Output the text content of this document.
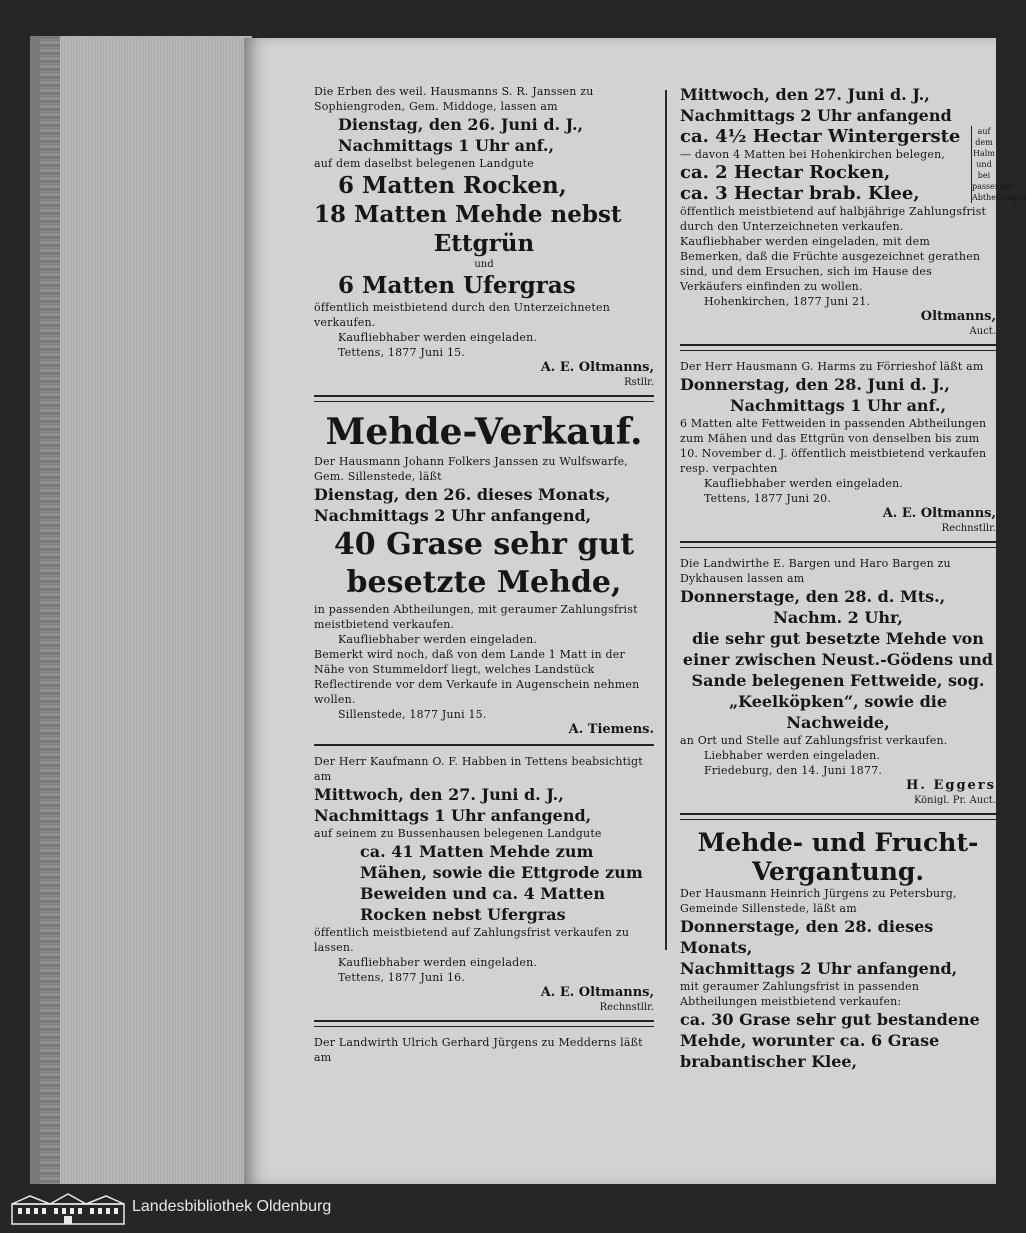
Die Erben des weil. Hausmanns S. R. Janssen zu Sophiengroden, Gem. Middoge, lassen am
Dienstag, den 26. Juni d. J.,
Nachmittags 1 Uhr anf.,
auf dem daselbst belegenen Landgute
6 Matten Rocken,
18 Matten Mehde nebst
Ettgrün
und
6 Matten Ufergras
öffentlich meistbietend durch den Unterzeichneten verkaufen.
Kaufliebhaber werden eingeladen.
Tettens, 1877 Juni 15.
A. E. Oltmanns,
Rstllr.
Mehde-Verkauf.
Der Hausmann Johann Folkers Janssen zu Wulfswarfe, Gem. Sillenstede, läßt
Dienstag, den 26. dieses Monats,
Nachmittags 2 Uhr anfangend,
40 Grase sehr gut
besetzte Mehde,
in passenden Abtheilungen, mit geraumer Zahlungsfrist meistbietend verkaufen.
Kaufliebhaber werden eingeladen.
Bemerkt wird noch, daß von dem Lande 1 Matt in der Nähe von Stummeldorf liegt, welches Landstück Reflectirende vor dem Verkaufe in Augenschein nehmen wollen.
Sillenstede, 1877 Juni 15.
A. Tiemens.
Der Herr Kaufmann O. F. Habben in Tettens beabsichtigt am
Mittwoch, den 27. Juni d. J.,
Nachmittags 1 Uhr anfangend,
auf seinem zu Bussenhausen belegenen Landgute
ca. 41 Matten Mehde zum Mähen, sowie die Ettgrode zum Beweiden und ca. 4 Matten Rocken nebst Ufergras
öffentlich meistbietend auf Zahlungsfrist verkaufen zu lassen.
Kaufliebhaber werden eingeladen.
Tettens, 1877 Juni 16.
A. E. Oltmanns,
Rechnstllr.
Der Landwirth Ulrich Gerhard Jürgens zu Medderns läßt am
Mittwoch, den 27. Juni d. J.,
Nachmittags 2 Uhr anfangend
auf dem Halm und bei passender Abtheilungen
ca. 4½ Hectar Wintergerste
— davon 4 Matten bei Hohenkirchen belegen,
ca. 2 Hectar Rocken,
ca. 3 Hectar brab. Klee,
öffentlich meistbietend auf halbjährige Zahlungsfrist durch den Unterzeichneten verkaufen.
Kaufliebhaber werden eingeladen, mit dem Bemerken, daß die Früchte ausgezeichnet gerathen sind, und dem Ersuchen, sich im Hause des Verkäufers einfinden zu wollen.
Hohenkirchen, 1877 Juni 21.
Oltmanns,
Auct.
Der Herr Hausmann G. Harms zu Förrieshof läßt am
Donnerstag, den 28. Juni d. J.,
Nachmittags 1 Uhr anf.,
6 Matten alte Fettweiden in passenden Abtheilungen zum Mähen und das Ettgrün von denselben bis zum 10. November d. J. öffentlich meistbietend verkaufen resp. verpachten
Kaufliebhaber werden eingeladen.
Tettens, 1877 Juni 20.
A. E. Oltmanns,
Rechnstllr.
Die Landwirthe E. Bargen und Haro Bargen zu Dykhausen lassen am
Donnerstage, den 28. d. Mts.,
Nachm. 2 Uhr,
die sehr gut besetzte Mehde von einer zwischen Neust.-Gödens und Sande belegenen Fettweide, sog. „Keelköpken“, sowie die Nachweide,
an Ort und Stelle auf Zahlungsfrist verkaufen.
Liebhaber werden eingeladen.
Friedeburg, den 14. Juni 1877.
H. Eggers
Königl. Pr. Auct.
Mehde- und Frucht-Vergantung.
Der Hausmann Heinrich Jürgens zu Petersburg, Gemeinde Sillenstede, läßt am
Donnerstage, den 28. dieses Monats,
Nachmittags 2 Uhr anfangend,
mit geraumer Zahlungsfrist in passenden Abtheilungen meistbietend verkaufen:
ca. 30 Grase sehr gut bestandene Mehde, worunter ca. 6 Grase brabantischer Klee,
Landesbibliothek Oldenburg
